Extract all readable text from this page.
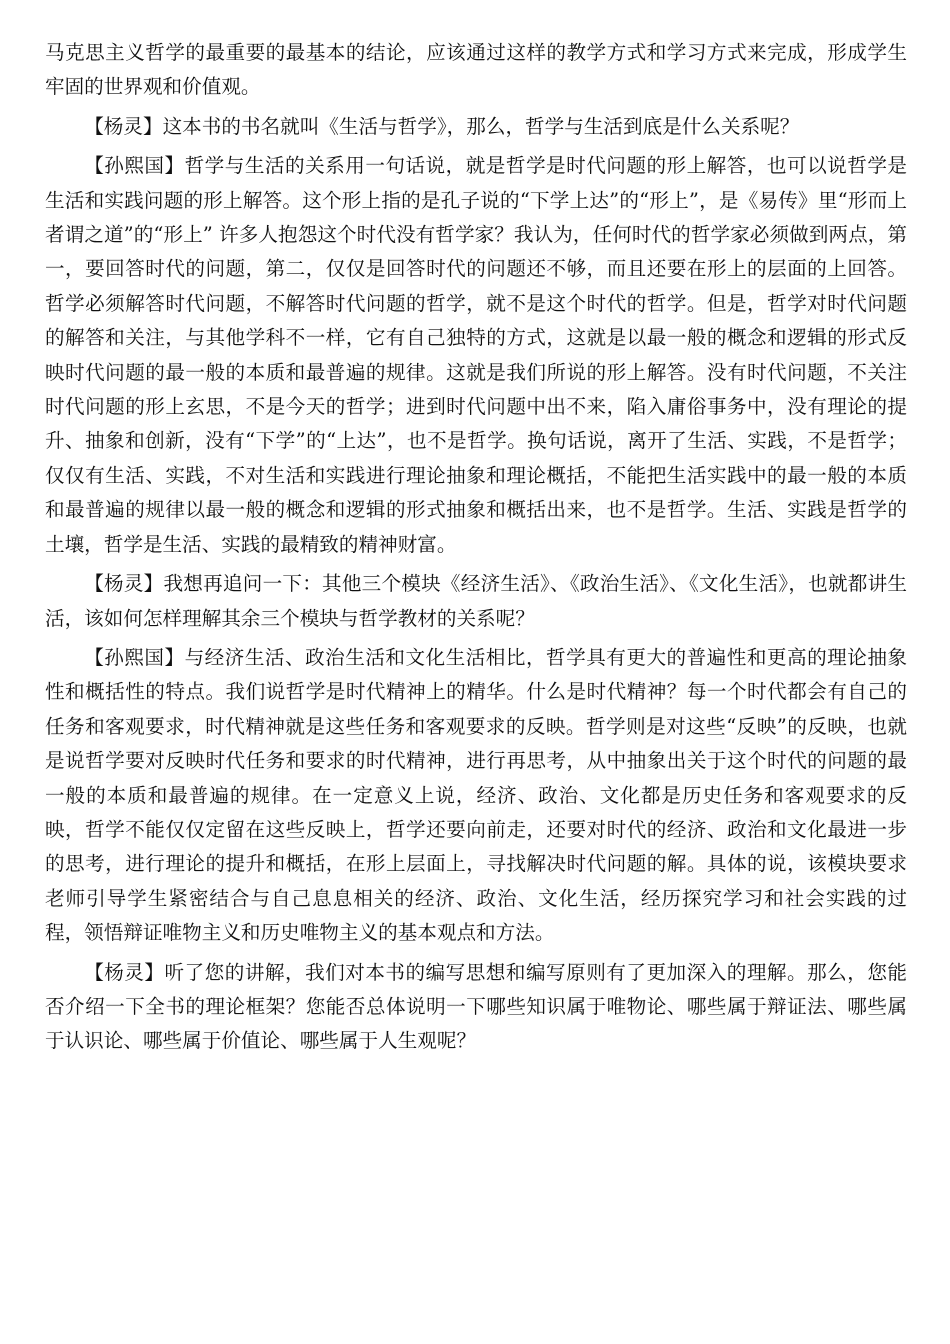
马克思主义哲学的最重要的最基本的结论，应该通过这样的教学方式和学习方式来完成，形成学生牢固的世界观和价值观。

【杨灵】这本书的书名就叫《生活与哲学》，那么，哲学与生活到底是什么关系呢？

【孙熙国】哲学与生活的关系用一句话说，就是哲学是时代问题的形上解答，也可以说哲学是生活和实践问题的形上解答。这个形上指的是孔子说的“下学上达”的“形上”，是《易传》里“形而上者谓之道”的“形上” 许多人抱怨这个时代没有哲学家？我认为，任何时代的哲学家必须做到两点，第一，要回答时代的问题，第二，仅仅是回答时代的问题还不够，而且还要在形上的层面的上回答。哲学必须解答时代问题，不解答时代问题的哲学，就不是这个时代的哲学。但是，哲学对时代问题的解答和关注，与其他学科不一样，它有自己独特的方式，这就是以最一般的概念和逻辑的形式反映时代问题的最一般的本质和最普遍的规律。这就是我们所说的形上解答。没有时代问题，不关注时代问题的形上玄思，不是今天的哲学；进到时代问题中出不来，陷入庸俗事务中，没有理论的提升、抽象和创新，没有“下学”的“上达”，也不是哲学。换句话说，离开了生活、实践，不是哲学；仅仅有生活、实践，不对生活和实践进行理论抽象和理论概括，不能把生活实践中的最一般的本质和最普遍的规律以最一般的概念和逻辑的形式抽象和概括出来，也不是哲学。生活、实践是哲学的土壤，哲学是生活、实践的最精致的精神财富。

【杨灵】我想再追问一下：其他三个模块《经济生活》、《政治生活》、《文化生活》，也就都讲生活，该如何怎样理解其余三个模块与哲学教材的关系呢？

【孙熙国】与经济生活、政治生活和文化生活相比，哲学具有更大的普遍性和更高的理论抽象性和概括性的特点。我们说哲学是时代精神上的精华。什么是时代精神？每一个时代都会有自己的任务和客观要求，时代精神就是这些任务和客观要求的反映。哲学则是对这些“反映”的反映，也就是说哲学要对反映时代任务和要求的时代精神，进行再思考，从中抽象出关于这个时代的问题的最一般的本质和最普遍的规律。在一定意义上说，经济、政治、文化都是历史任务和客观要求的反映，哲学不能仅仅定留在这些反映上，哲学还要向前走，还要对时代的经济、政治和文化最进一步的思考，进行理论的提升和概括，在形上层面上，寻找解决时代问题的解。具体的说，该模块要求老师引导学生紧密结合与自己息息相关的经济、政治、文化生活，经历探究学习和社会实践的过程，领悟辩证唯物主义和历史唯物主义的基本观点和方法。

【杨灵】听了您的讲解，我们对本书的编写思想和编写原则有了更加深入的理解。那么，您能否介绍一下全书的理论框架？您能否总体说明一下哪些知识属于唯物论、哪些属于辩证法、哪些属于认识论、哪些属于价值论、哪些属于人生观呢？
